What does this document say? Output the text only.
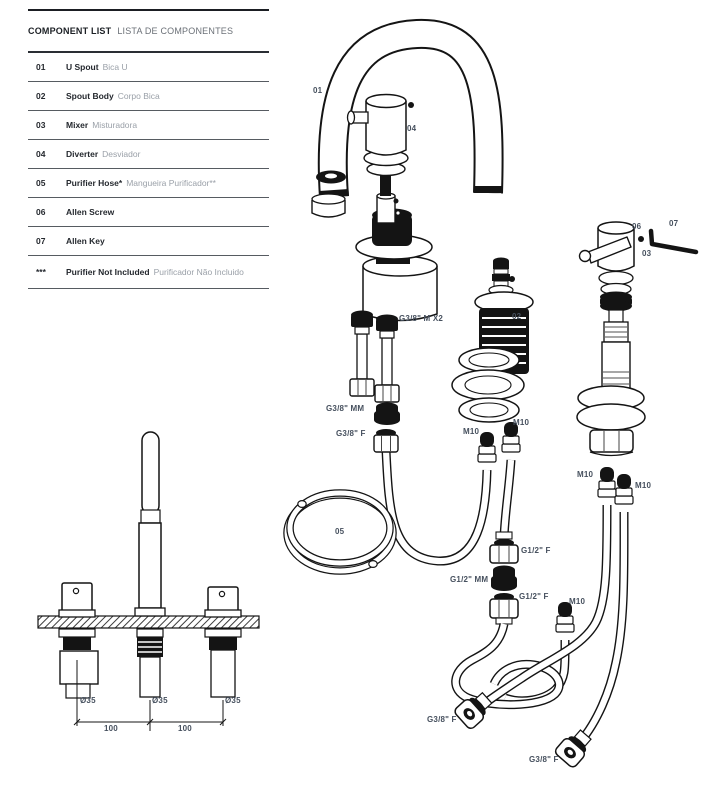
COMPONENT LIST LISTA DE COMPONENTES
01	U Spout Bica U
02	Spout Body Corpo Bica
03	Mixer Misturadora
04	Diverter Desviador
05	Purifier Hose* Mangueira Purificador**
06	Allen Screw
07	Allen Key
***	Purifier Not Included Purificador Não Incluido
01
04
02
06	07
03
05
G3/8" M X2
G3/8" MM
G3/8" F	M10
M10
M10
M10
G1/2" F
G1/2" MM
G1/2" F
M10
G3/8" F
G3/8" F
Ø35	Ø35	Ø35
100	100
